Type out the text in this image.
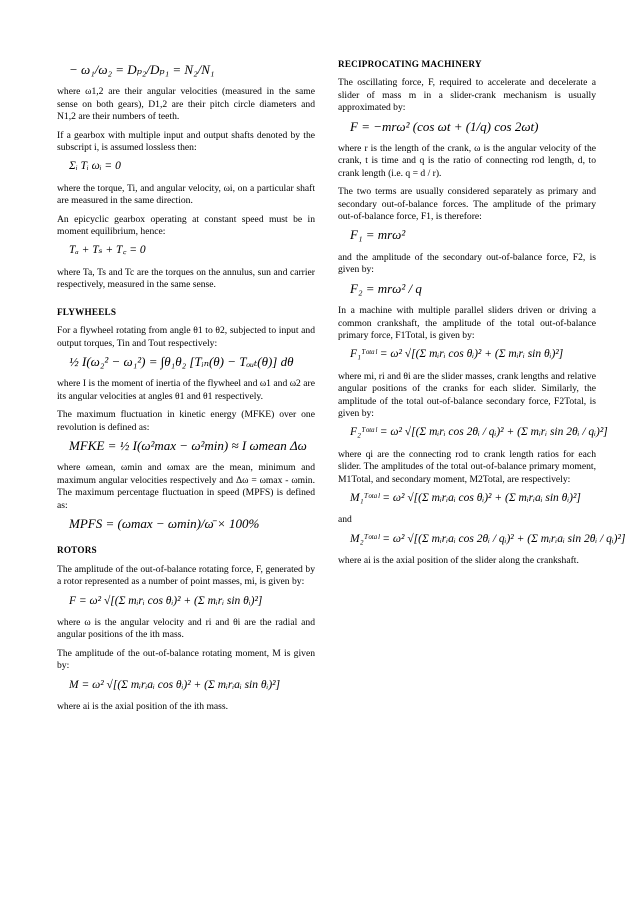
− ω₁/ω₂ = Dₚ₂/Dₚ₁ = N₂/N₁

where ω1,2 are their angular velocities (measured in the same sense on both gears), D1,2 are their pitch circle diameters and N1,2 are their numbers of teeth.

If a gearbox with multiple input and output shafts denoted by the subscript i, is assumed lossless then:

Σᵢ Tᵢ ωᵢ = 0

where the torque, Ti, and angular velocity, ωi, on a particular shaft are measured in the same direction.

An epicyclic gearbox operating at constant speed must be in moment equilibrium, hence:

Tₐ + Tₛ + T꜀ = 0

where Ta, Ts and Tc are the torques on the annulus, sun and carrier respectively, measured in the same sense.

FLYWHEELS

For a flywheel rotating from angle θ1 to θ2, subjected to input and output torques, Tin and Tout respectively:

½ I(ω₂² − ω₁²) = ∫θ₁θ₂ [Tᵢₙ(θ) − Tₒᵤₜ(θ)] dθ

where I is the moment of inertia of the flywheel and ω1 and ω2 are its angular velocities at angles θ1 and θ1 respectively.

The maximum fluctuation in kinetic energy (MFKE) over one revolution is defined as:

MFKE = ½ I(ω²max − ω²min) ≈ I ωmean Δω

where ωmean, ωmin and ωmax are the mean, minimum and maximum angular velocities respectively and Δω = ωmax - ωmin. The maximum percentage fluctuation in speed (MPFS) is defined as:

MPFS = (ωmax − ωmin)/ω̄ × 100%
ROTORS

The amplitude of the out-of-balance rotating force, F, generated by a rotor represented as a number of point masses, mi, is given by:

F = ω² √[(Σ mᵢrᵢ cos θᵢ)² + (Σ mᵢrᵢ sin θᵢ)²]

where ω is the angular velocity and ri and θi are the radial and angular positions of the ith mass.

The amplitude of the out-of-balance rotating moment, M is given by:

M = ω² √[(Σ mᵢrᵢaᵢ cos θᵢ)² + (Σ mᵢrᵢaᵢ sin θᵢ)²]

where ai is the axial position of the ith mass.

RECIPROCATING MACHINERY

The oscillating force, F, required to accelerate and decelerate a slider of mass m in a slider-crank mechanism is usually approximated by:

F = −mrω² (cos ωt + (1/q) cos 2ωt)

where r is the length of the crank, ω is the angular velocity of the crank, t is time and q is the ratio of connecting rod length, d, to crank length (i.e. q = d / r).

The two terms are usually considered separately as primary and secondary out-of-balance forces. The amplitude of the primary out-of-balance force, F1, is therefore:

F₁ = mrω²

and the amplitude of the secondary out-of-balance force, F2, is given by:

F₂ = mrω² / q

In a machine with multiple parallel sliders driven or driving a common crankshaft, the amplitude of the total out-of-balance primary force, F1Total, is given by:

F₁ᵀᵒᵗᵃˡ = ω² √[(Σ mᵢrᵢ cos θᵢ)² + (Σ mᵢrᵢ sin θᵢ)²]

where mi, ri and θi are the slider masses, crank lengths and relative angular positions of the cranks for each slider. Similarly, the amplitude of the total out-of-balance secondary force, F2Total, is given by:

F₂ᵀᵒᵗᵃˡ = ω² √[(Σ mᵢrᵢ cos 2θᵢ / qᵢ)² + (Σ mᵢrᵢ sin 2θᵢ / qᵢ)²]

where qi are the connecting rod to crank length ratios for each slider. The amplitudes of the total out-of-balance primary moment, M1Total, and secondary moment, M2Total, are respectively:

M₁ᵀᵒᵗᵃˡ = ω² √[(Σ mᵢrᵢaᵢ cos θᵢ)² + (Σ mᵢrᵢaᵢ sin θᵢ)²]

and

M₂ᵀᵒᵗᵃˡ = ω² √[(Σ mᵢrᵢaᵢ cos 2θᵢ / qᵢ)² + (Σ mᵢrᵢaᵢ sin 2θᵢ / qᵢ)²]

where ai is the axial position of the slider along the crankshaft.
